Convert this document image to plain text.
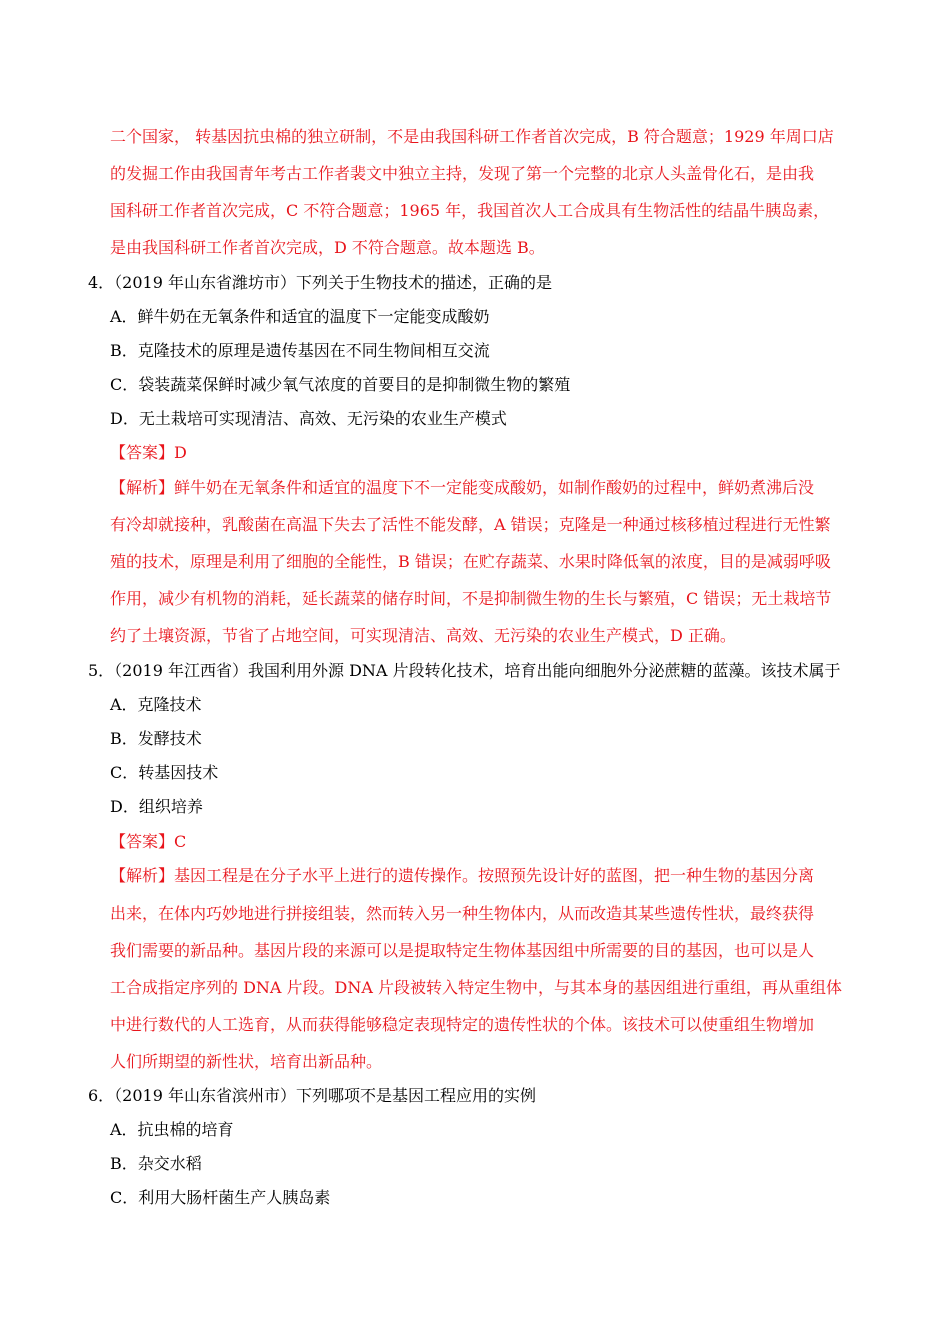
二个国家， 转基因抗虫棉的独立研制，不是由我国科研工作者首次完成，B 符合题意；1929 年周口店
的发掘工作由我国青年考古工作者裴文中独立主持，发现了第一个完整的北京人头盖骨化石，是由我
国科研工作者首次完成，C 不符合题意；1965 年，我国首次人工合成具有生物活性的结晶牛胰岛素，
是由我国科研工作者首次完成，D 不符合题意。故本题选 B。
4．（2019 年山东省潍坊市）下列关于生物技术的描述，正确的是
A．鲜牛奶在无氧条件和适宜的温度下一定能变成酸奶
B．克隆技术的原理是遗传基因在不同生物间相互交流
C．袋装蔬菜保鲜时减少氧气浓度的首要目的是抑制微生物的繁殖
D．无土栽培可实现清洁、高效、无污染的农业生产模式
【答案】D
【解析】鲜牛奶在无氧条件和适宜的温度下不一定能变成酸奶，如制作酸奶的过程中，鲜奶煮沸后没
有冷却就接种，乳酸菌在高温下失去了活性不能发酵，A 错误；克隆是一种通过核移植过程进行无性繁
殖的技术，原理是利用了细胞的全能性，B 错误；在贮存蔬菜、水果时降低氧的浓度，目的是减弱呼吸
作用，减少有机物的消耗，延长蔬菜的储存时间，不是抑制微生物的生长与繁殖，C 错误；无土栽培节
约了土壤资源，节省了占地空间，可实现清洁、高效、无污染的农业生产模式，D 正确。
5．（2019 年江西省）我国利用外源 DNA 片段转化技术，培育出能向细胞外分泌蔗糖的蓝藻。该技术属于
A．克隆技术
B．发酵技术
C．转基因技术
D．组织培养
【答案】C
【解析】基因工程是在分子水平上进行的遗传操作。按照预先设计好的蓝图，把一种生物的基因分离
出来，在体内巧妙地进行拼接组装，然而转入另一种生物体内，从而改造其某些遗传性状，最终获得
我们需要的新品种。基因片段的来源可以是提取特定生物体基因组中所需要的目的基因，也可以是人
工合成指定序列的 DNA 片段。DNA 片段被转入特定生物中，与其本身的基因组进行重组，再从重组体
中进行数代的人工选育，从而获得能够稳定表现特定的遗传性状的个体。该技术可以使重组生物增加
人们所期望的新性状，培育出新品种。
6．（2019 年山东省滨州市）下列哪项不是基因工程应用的实例
A．抗虫棉的培育
B．杂交水稻
C．利用大肠杆菌生产人胰岛素
